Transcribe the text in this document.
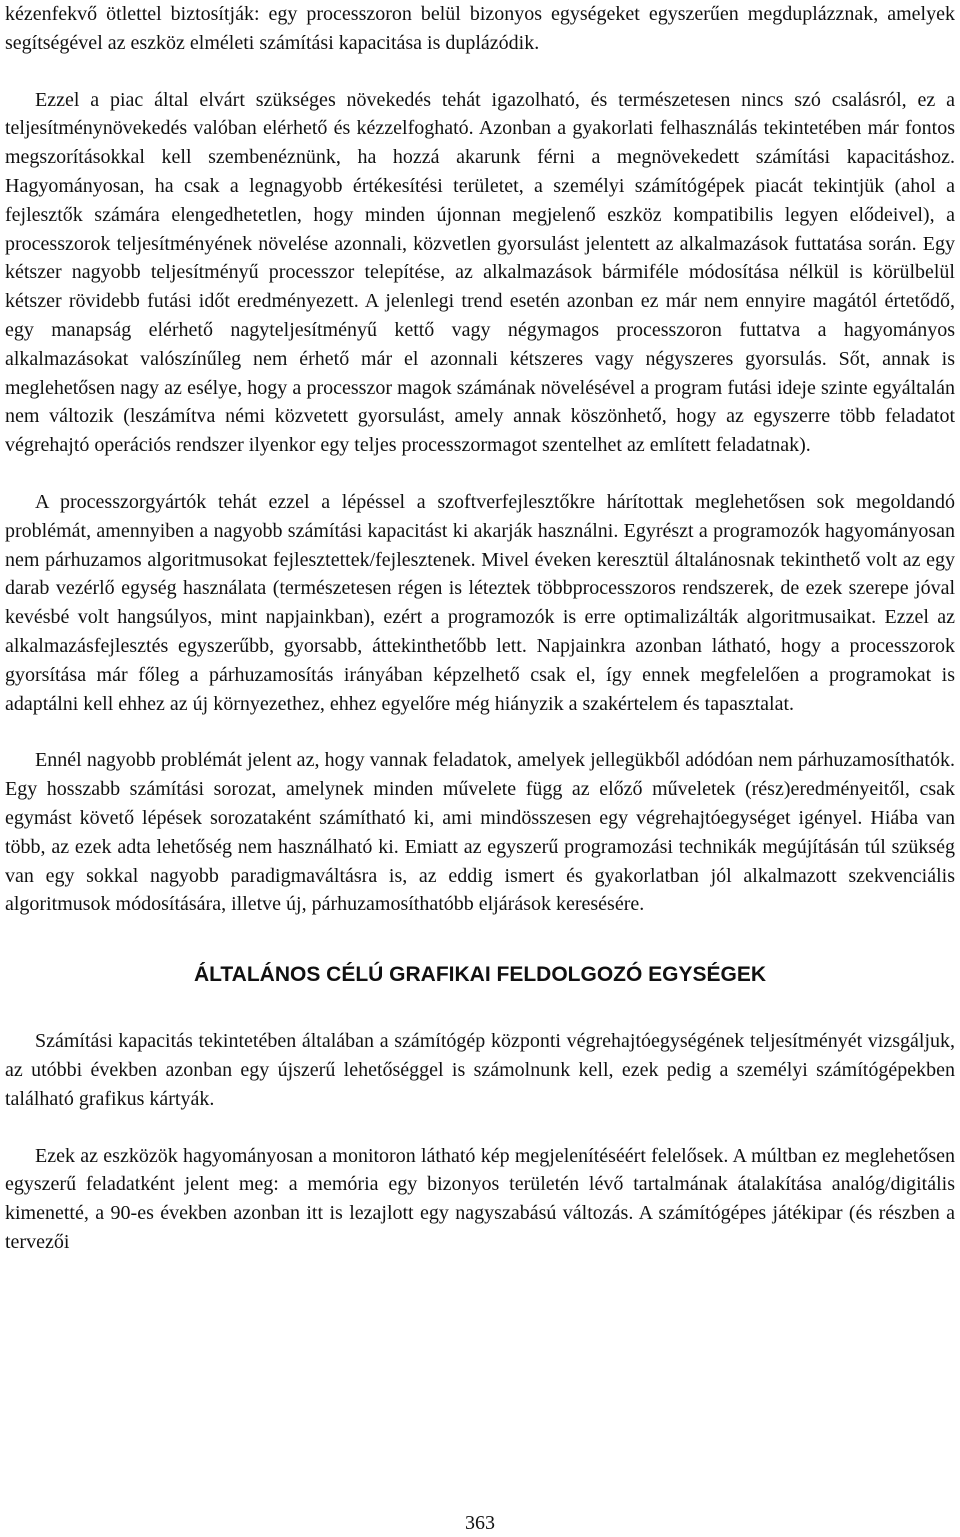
kézenfekvő ötlettel biztosítják: egy processzoron belül bizonyos egységeket egyszerűen megduplázznak, amelyek segítségével az eszköz elméleti számítási kapacitása is duplázódik.

Ezzel a piac által elvárt szükséges növekedés tehát igazolható, és természetesen nincs szó csalásról, ez a teljesítménynövekedés valóban elérhető és kézzelfogható. Azonban a gyakorlati felhasználás tekintetében már fontos megszorításokkal kell szembenéznünk, ha hozzá akarunk férni a megnövekedett számítási kapacitáshoz. Hagyományosan, ha csak a legnagyobb értékesítési területet, a személyi számítógépek piacát tekintjük (ahol a fejlesztők számára elengedhetetlen, hogy minden újonnan megjelenő eszköz kompatibilis legyen elődeivel), a processzorok teljesítményének növelése azonnali, közvetlen gyorsulást jelentett az alkalmazások futtatása során. Egy kétszer nagyobb teljesítményű processzor telepítése, az alkalmazások bármiféle módosítása nélkül is körülbelül kétszer rövidebb futási időt eredményezett. A jelenlegi trend esetén azonban ez már nem ennyire magától értetődő, egy manapság elérhető nagyteljesítményű kettő vagy négymagos processzoron futtatva a hagyományos alkalmazásokat valószínűleg nem érhető már el azonnali kétszeres vagy négyszeres gyorsulás. Sőt, annak is meglehetősen nagy az esélye, hogy a processzor magok számának növelésével a program futási ideje szinte egyáltalán nem változik (leszámítva némi közvetett gyorsulást, amely annak köszönhető, hogy az egyszerre több feladatot végrehajtó operációs rendszer ilyenkor egy teljes processzormagot szentelhet az említett feladatnak).

A processzorgyártók tehát ezzel a lépéssel a szoftverfejlesztőkre hárítottak meglehetősen sok megoldandó problémát, amennyiben a nagyobb számítási kapacitást ki akarják használni. Egyrészt a programozók hagyományosan nem párhuzamos algoritmusokat fejlesztettek/fejlesztenek. Mivel éveken keresztül általánosnak tekinthető volt az egy darab vezérlő egység használata (természetesen régen is léteztek többprocesszoros rendszerek, de ezek szerepe jóval kevésbé volt hangsúlyos, mint napjainkban), ezért a programozók is erre optimalizálták algoritmusaikat. Ezzel az alkalmazásfejlesztés egyszerűbb, gyorsabb, áttekinthetőbb lett. Napjainkra azonban látható, hogy a processzorok gyorsítása már főleg a párhuzamosítás irányában képzelhető csak el, így ennek megfelelően a programokat is adaptálni kell ehhez az új környezethez, ehhez egyelőre még hiányzik a szakértelem és tapasztalat.

Ennél nagyobb problémát jelent az, hogy vannak feladatok, amelyek jellegükből adódóan nem párhuzamosíthatók. Egy hosszabb számítási sorozat, amelynek minden művelete függ az előző műveletek (rész)eredményeitől, csak egymást követő lépések sorozataként számítható ki, ami mindösszesen egy végrehajtóegységet igényel. Hiába van több, az ezek adta lehetőség nem használható ki. Emiatt az egyszerű programozási technikák megújításán túl szükség van egy sokkal nagyobb paradigmaváltásra is, az eddig ismert és gyakorlatban jól alkalmazott szekvenciális algoritmusok módosítására, illetve új, párhuzamosíthatóbb eljárások keresésére.

ÁLTALÁNOS CÉLÚ GRAFIKAI FELDOLGOZÓ EGYSÉGEK

Számítási kapacitás tekintetében általában a számítógép központi végrehajtóegységének teljesítményét vizsgáljuk, az utóbbi években azonban egy újszerű lehetőséggel is számolnunk kell, ezek pedig a személyi számítógépekben található grafikus kártyák.

Ezek az eszközök hagyományosan a monitoron látható kép megjelenítéséért felelősek. A múltban ez meglehetősen egyszerű feladatként jelent meg: a memória egy bizonyos területén lévő tartalmának átalakítása analóg/digitális kimenetté, a 90-es években azonban itt is lezajlott egy nagyszabású változás. A számítógépes játékipar (és részben a tervezői

363
